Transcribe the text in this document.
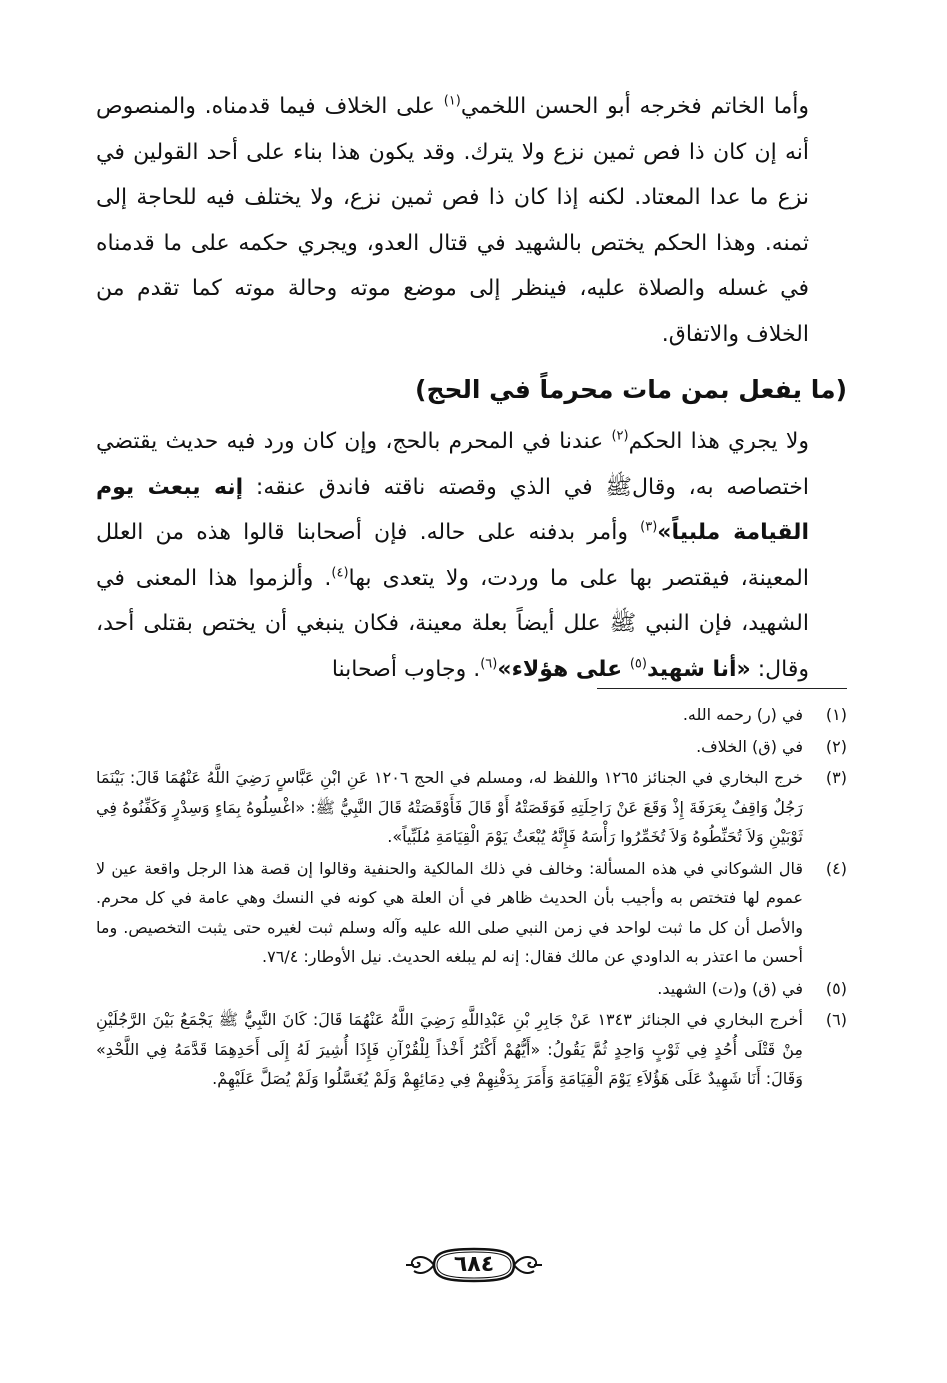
وأما الخاتم فخرجه أبو الحسن اللخمي$^{(١)}$ على الخلاف فيما قدمناه. والمنصوص أنه إن كان ذا فص ثمين نزع ولا يترك. وقد يكون هذا بناء على أحد القولين في نزع ما عدا المعتاد. لكنه إذا كان ذا فص ثمين نزع، ولا يختلف فيه للحاجة إلى ثمنه. وهذا الحكم يختص بالشهيد في قتال العدو، ويجري حكمه على ما قدمناه في غسله والصلاة عليه، فينظر إلى موضع موته وحالة موته كما تقدم من الخلاف والاتفاق.

(ما يفعل بمن مات محرماً في الحج)

ولا يجري هذا الحكم$^{(٢)}$ عندنا في المحرم بالحج، وإن كان ورد فيه حديث يقتضي اختصاصه به، وقالﷺ في الذي وقصته ناقته فاندق عنقه: إنه يبعث يوم القيامة ملبياً»$^{(٣)}$ وأمر بدفنه على حاله. فإن أصحابنا قالوا هذه من العلل المعينة، فيقتصر بها على ما وردت، ولا يتعدى بها$^{(٤)}$. وألزموا هذا المعنى في الشهيد، فإن النبي ﷺ علل أيضاً بعلة معينة، فكان ينبغي أن يختص بقتلى أحد، وقال: «أنا شهيد$^{(٥)}$ على هؤلاء»$^{(٦)}$. وجاوب أصحابنا

(١)
في (ر) رحمه الله.
(٢)
في (ق) الخلاف.
(٣)
خرج البخاري في الجنائز ١٢٦٥ واللفظ له، ومسلم في الحج ١٢٠٦ عَنِ ابْنِ عَبَّاسٍ رَضِيَ اللَّهُ عَنْهُمَا قَالَ: بَيْنَمَا رَجُلٌ وَاقِفٌ بِعَرَفَةَ إِذْ وَقَعَ عَنْ رَاحِلَتِهِ فَوَقَصَتْهُ أَوْ قَالَ فَأَوْقَصَتْهُ قَالَ النَّبِيُّ ﷺ: «اغْسِلُوهُ بِمَاءٍ وَسِدْرٍ وَكَفِّنُوهُ فِي ثَوْبَيْنِ وَلاَ تُحَنِّطُوهُ وَلاَ تُخَمِّرُوا رَأْسَهُ فَإِنَّهُ يُبْعَثُ يَوْمَ الْقِيَامَةِ مُلَبِّياً».
(٤)
قال الشوكاني في هذه المسألة: وخالف في ذلك المالكية والحنفية وقالوا إن قصة هذا الرجل واقعة عين لا عموم لها فتختص به وأجيب بأن الحديث ظاهر في أن العلة هي كونه في النسك وهي عامة في كل محرم. والأصل أن كل ما ثبت لواحد في زمن النبي صلى الله عليه وآله وسلم ثبت لغيره حتى يثبت التخصيص. وما أحسن ما اعتذر به الداودي عن مالك فقال: إنه لم يبلغه الحديث. نيل الأوطار: ٧٦/٤.
(٥)
في (ق) و(ت) الشهيد.
(٦)
أخرج البخاري في الجنائز ١٣٤٣ عَنْ جَابِرِ بْنِ عَبْدِاللَّهِ رَضِيَ اللَّهُ عَنْهُمَا قَالَ: كَانَ النَّبِيُّ ﷺ يَجْمَعُ بَيْنَ الرَّجُلَيْنِ مِنْ قَتْلَى أُحُدٍ فِي ثَوْبٍ وَاحِدٍ ثُمَّ يَقُولُ: «أَيُّهُمْ أَكْثَرُ أَخْذاً لِلْقُرْآنِ فَإِذَا أُشِيرَ لَهُ إِلَى أَحَدِهِمَا قَدَّمَهُ فِي اللَّحْدِ» وَقَالَ: أَنَا شَهِيدٌ عَلَى هَؤُلاَءِ يَوْمَ الْقِيَامَةِ وَأَمَرَ بِدَفْنِهِمْ فِي دِمَائِهِمْ وَلَمْ يُغَسَّلُوا وَلَمْ يُصَلَّ عَلَيْهِمْ.
٦٨٤
